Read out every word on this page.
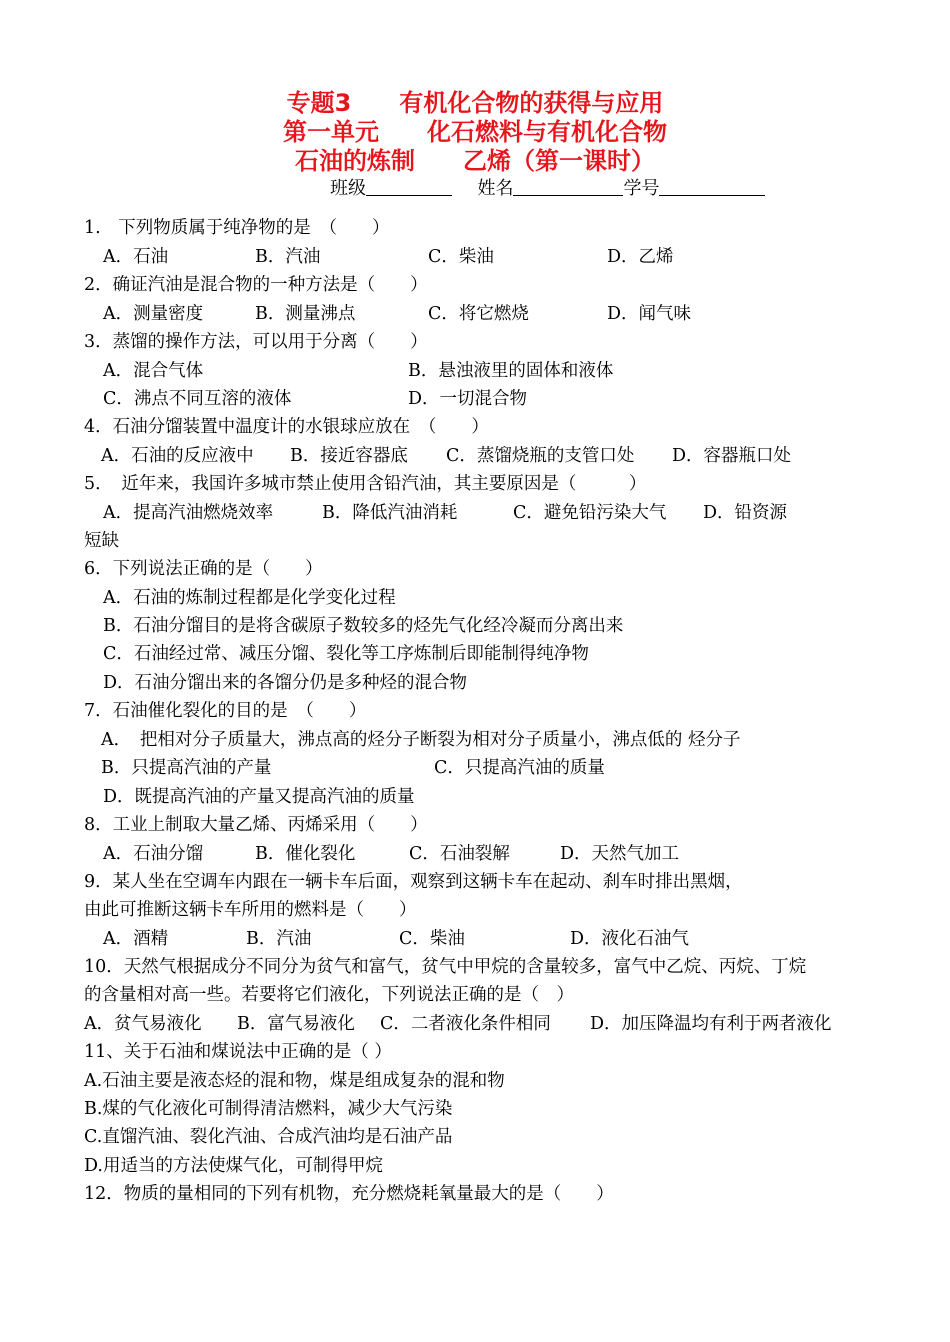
专题3　　有机化合物的获得与应用
第一单元　　化石燃料与有机化合物
石油的炼制　　乙烯（第一课时）
班级	姓名	学号
1.　下列物质属于纯净物的是　（　　）
A．石油	B．汽油	C．柴油	D．乙烯
2．确证汽油是混合物的一种方法是（　　）
A．测量密度	B．测量沸点	C．将它燃烧	D．闻气味
3．蒸馏的操作方法，可以用于分离（　　）
A．混合气体	B．悬浊液里的固体和液体
C．沸点不同互溶的液体	D．一切混合物
4．石油分馏装置中温度计的水银球应放在　（　　）
A．石油的反应液中 B．接近容器底 C．蒸馏烧瓶的支管口处 D．容器瓶口处
5．　近年来，我国许多城市禁止使用含铅汽油，其主要原因是（　　　）
A．提高汽油燃烧效率	B．降低汽油消耗	C．避免铅污染大气 D．铅资源
短缺
6．下列说法正确的是（　　）
A．石油的炼制过程都是化学变化过程
B．石油分馏目的是将含碳原子数较多的烃先气化经冷凝而分离出来
C．石油经过常、减压分馏、裂化等工序炼制后即能制得纯净物
D．石油分馏出来的各馏分仍是多种烃的混合物
7．石油催化裂化的目的是　（　　）
A．　把相对分子质量大，沸点高的烃分子断裂为相对分子质量小，沸点低的 烃分子
B．只提高汽油的产量	C．只提高汽油的质量
D．既提高汽油的产量又提高汽油的质量
8．工业上制取大量乙烯、丙烯采用（　　）
A．石油分馏	B．催化裂化	C．石油裂解	D．天然气加工
9．某人坐在空调车内跟在一辆卡车后面，观察到这辆卡车在起动、刹车时排出黑烟，
由此可推断这辆卡车所用的燃料是（　　）
A．酒精	B．汽油	C．柴油	D．液化石油气
10．天然气根据成分不同分为贫气和富气，贫气中甲烷的含量较多，富气中乙烷、丙烷、丁烷
的含量相对高一些。若要将它们液化，下列说法正确的是（　）
A．贫气易液化 B．富气易液化 C．二者液化条件相同 D．加压降温均有利于两者液化
11、关于石油和煤说法中正确的是（ ）
A.石油主要是液态烃的混和物，煤是组成复杂的混和物
B.煤的气化液化可制得清洁燃料，减少大气污染
C.直馏汽油、裂化汽油、合成汽油均是石油产品
D.用适当的方法使煤气化，可制得甲烷
12．物质的量相同的下列有机物，充分燃烧耗氧量最大的是（　　）
